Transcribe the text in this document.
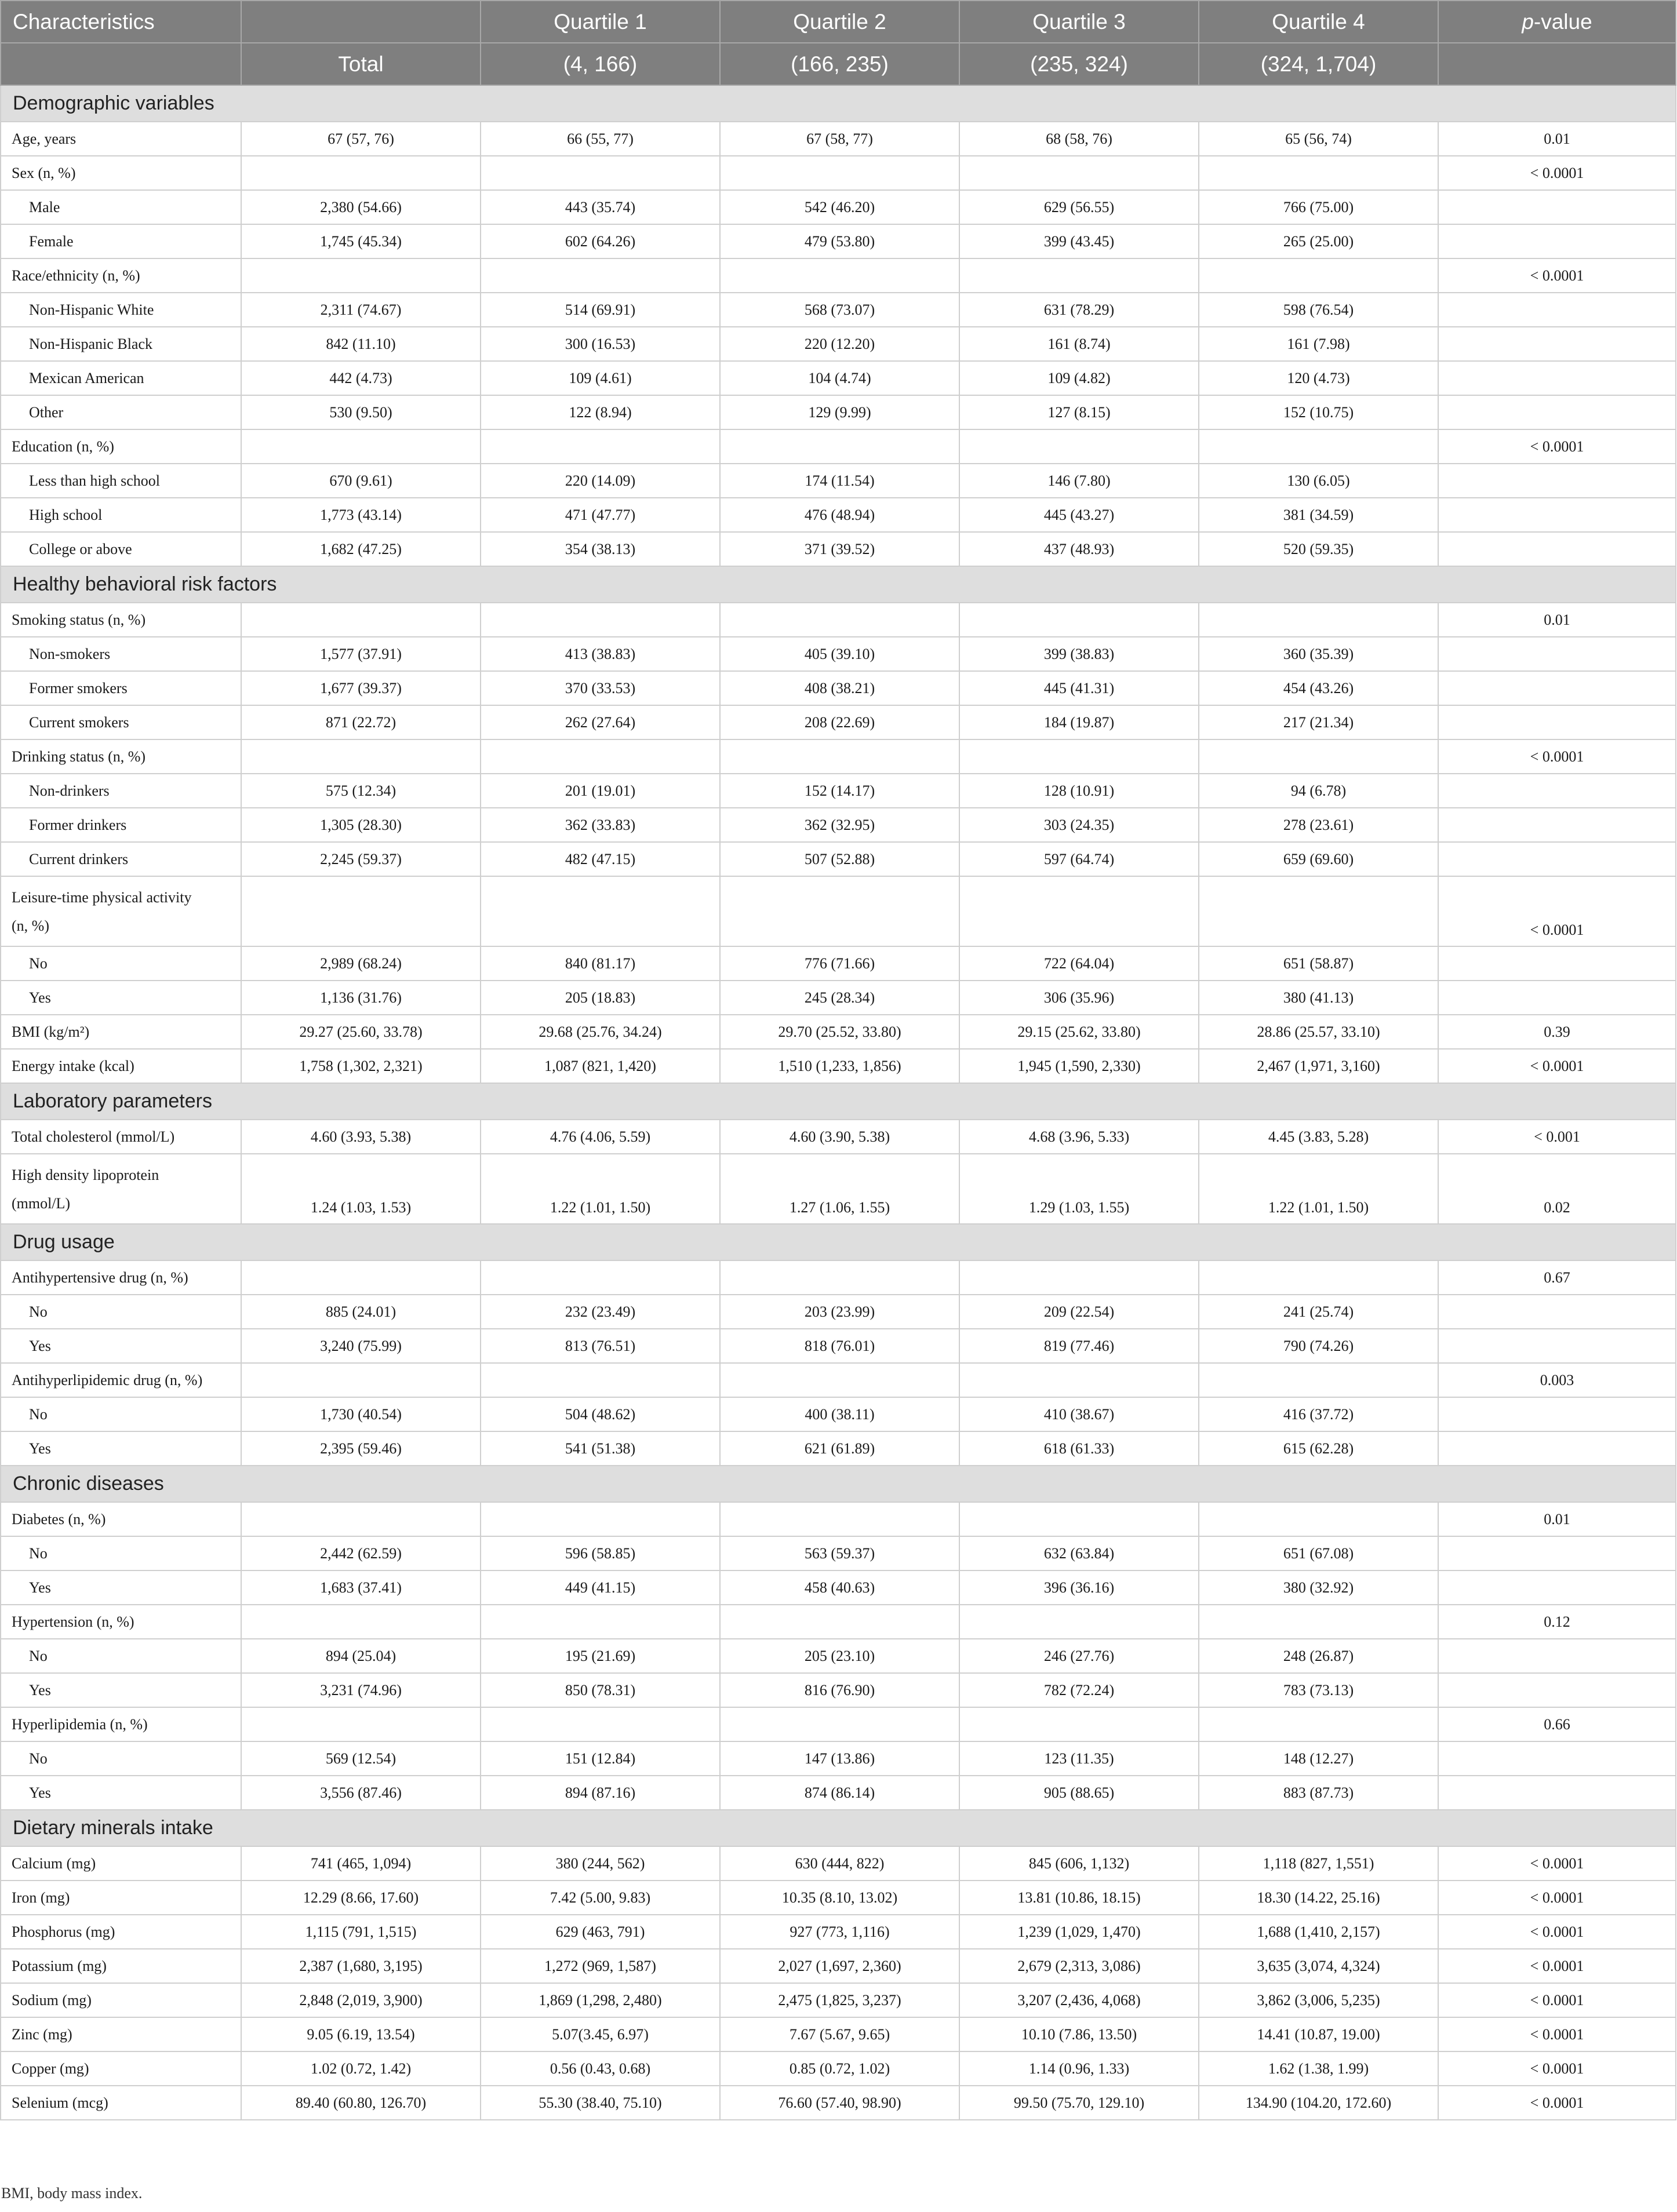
Characteristics		Quartile 1	Quartile 2	Quartile 3	Quartile 4	p-value
	Total	(4, 166)	(166, 235)	(235, 324)	(324, 1,704)	
Demographic variables						
Age, years	67 (57, 76)	66 (55, 77)	67 (58, 77)	68 (58, 76)	65 (56, 74)	0.01
Sex (n, %)						< 0.0001
Male	2,380 (54.66)	443 (35.74)	542 (46.20)	629 (56.55)	766 (75.00)	
Female	1,745 (45.34)	602 (64.26)	479 (53.80)	399 (43.45)	265 (25.00)	
Race/ethnicity (n, %)						< 0.0001
Non-Hispanic White	2,311 (74.67)	514 (69.91)	568 (73.07)	631 (78.29)	598 (76.54)	
Non-Hispanic Black	842 (11.10)	300 (16.53)	220 (12.20)	161 (8.74)	161 (7.98)	
Mexican American	442 (4.73)	109 (4.61)	104 (4.74)	109 (4.82)	120 (4.73)	
Other	530 (9.50)	122 (8.94)	129 (9.99)	127 (8.15)	152 (10.75)	
Education (n, %)						< 0.0001
Less than high school	670 (9.61)	220 (14.09)	174 (11.54)	146 (7.80)	130 (6.05)	
High school	1,773 (43.14)	471 (47.77)	476 (48.94)	445 (43.27)	381 (34.59)	
College or above	1,682 (47.25)	354 (38.13)	371 (39.52)	437 (48.93)	520 (59.35)	
Healthy behavioral risk factors						
Smoking status (n, %)						0.01
Non-smokers	1,577 (37.91)	413 (38.83)	405 (39.10)	399 (38.83)	360 (35.39)	
Former smokers	1,677 (39.37)	370 (33.53)	408 (38.21)	445 (41.31)	454 (43.26)	
Current smokers	871 (22.72)	262 (27.64)	208 (22.69)	184 (19.87)	217 (21.34)	
Drinking status (n, %)						< 0.0001
Non-drinkers	575 (12.34)	201 (19.01)	152 (14.17)	128 (10.91)	94 (6.78)	
Former drinkers	1,305 (28.30)	362 (33.83)	362 (32.95)	303 (24.35)	278 (23.61)	
Current drinkers	2,245 (59.37)	482 (47.15)	507 (52.88)	597 (64.74)	659 (69.60)	

Leisure-time physical activity
(n, %)						< 0.0001
No	2,989 (68.24)	840 (81.17)	776 (71.66)	722 (64.04)	651 (58.87)	
Yes	1,136 (31.76)	205 (18.83)	245 (28.34)	306 (35.96)	380 (41.13)	
BMI (kg/m²)	29.27 (25.60, 33.78)	29.68 (25.76, 34.24)	29.70 (25.52, 33.80)	29.15 (25.62, 33.80)	28.86 (25.57, 33.10)	0.39
Energy intake (kcal)	1,758 (1,302, 2,321)	1,087 (821, 1,420)	1,510 (1,233, 1,856)	1,945 (1,590, 2,330)	2,467 (1,971, 3,160)	< 0.0001
Laboratory parameters						
Total cholesterol (mmol/L)	4.60 (3.93, 5.38)	4.76 (4.06, 5.59)	4.60 (3.90, 5.38)	4.68 (3.96, 5.33)	4.45 (3.83, 5.28)	< 0.001

High density lipoprotein
(mmol/L)	1.24 (1.03, 1.53)	1.22 (1.01, 1.50)	1.27 (1.06, 1.55)	1.29 (1.03, 1.55)	1.22 (1.01, 1.50)	0.02
Drug usage						
Antihypertensive drug (n, %)						0.67
No	885 (24.01)	232 (23.49)	203 (23.99)	209 (22.54)	241 (25.74)	
Yes	3,240 (75.99)	813 (76.51)	818 (76.01)	819 (77.46)	790 (74.26)	
Antihyperlipidemic drug (n, %)						0.003
No	1,730 (40.54)	504 (48.62)	400 (38.11)	410 (38.67)	416 (37.72)	
Yes	2,395 (59.46)	541 (51.38)	621 (61.89)	618 (61.33)	615 (62.28)	
Chronic diseases						
Diabetes (n, %)						0.01
No	2,442 (62.59)	596 (58.85)	563 (59.37)	632 (63.84)	651 (67.08)	
Yes	1,683 (37.41)	449 (41.15)	458 (40.63)	396 (36.16)	380 (32.92)	
Hypertension (n, %)						0.12
No	894 (25.04)	195 (21.69)	205 (23.10)	246 (27.76)	248 (26.87)	
Yes	3,231 (74.96)	850 (78.31)	816 (76.90)	782 (72.24)	783 (73.13)	
Hyperlipidemia (n, %)						0.66
No	569 (12.54)	151 (12.84)	147 (13.86)	123 (11.35)	148 (12.27)	
Yes	3,556 (87.46)	894 (87.16)	874 (86.14)	905 (88.65)	883 (87.73)	
Dietary minerals intake						
Calcium (mg)	741 (465, 1,094)	380 (244, 562)	630 (444, 822)	845 (606, 1,132)	1,118 (827, 1,551)	< 0.0001
Iron (mg)	12.29 (8.66, 17.60)	7.42 (5.00, 9.83)	10.35 (8.10, 13.02)	13.81 (10.86, 18.15)	18.30 (14.22, 25.16)	< 0.0001
Phosphorus (mg)	1,115 (791, 1,515)	629 (463, 791)	927 (773, 1,116)	1,239 (1,029, 1,470)	1,688 (1,410, 2,157)	< 0.0001
Potassium (mg)	2,387 (1,680, 3,195)	1,272 (969, 1,587)	2,027 (1,697, 2,360)	2,679 (2,313, 3,086)	3,635 (3,074, 4,324)	< 0.0001
Sodium (mg)	2,848 (2,019, 3,900)	1,869 (1,298, 2,480)	2,475 (1,825, 3,237)	3,207 (2,436, 4,068)	3,862 (3,006, 5,235)	< 0.0001
Zinc (mg)	9.05 (6.19, 13.54)	5.07(3.45, 6.97)	7.67 (5.67, 9.65)	10.10 (7.86, 13.50)	14.41 (10.87, 19.00)	< 0.0001
Copper (mg)	1.02 (0.72, 1.42)	0.56 (0.43, 0.68)	0.85 (0.72, 1.02)	1.14 (0.96, 1.33)	1.62 (1.38, 1.99)	< 0.0001
Selenium (mcg)	89.40 (60.80, 126.70)	55.30 (38.40, 75.10)	76.60 (57.40, 98.90)	99.50 (75.70, 129.10)	134.90 (104.20, 172.60)	< 0.0001
BMI, body mass index.
